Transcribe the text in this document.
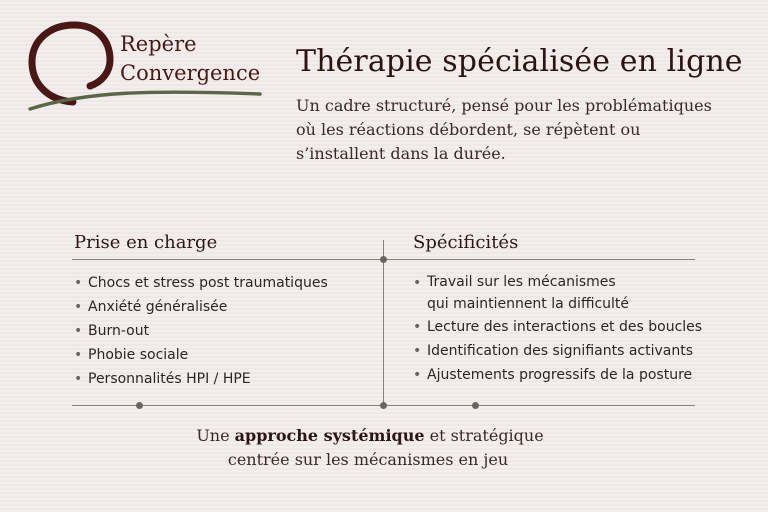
Repère
Convergence Thérapie spécialisée en ligne
Un cadre structuré, pensé pour les problématiques
où les réactions débordent, se répètent ou
s’installent dans la durée.
Prise en charge	Spécificités
• Chocs et stress post traumatiques
• Anxiété généralisée
• Burn-out
• Phobie sociale
• Personnalités HPI / HPE
• Travail sur les mécanismes
qui maintiennent la difficulté
• Lecture des interactions et des boucles
• Identification des signifiants activants
• Ajustements progressifs de la posture
Une approche systémique et stratégique
centrée sur les mécanismes en jeu
